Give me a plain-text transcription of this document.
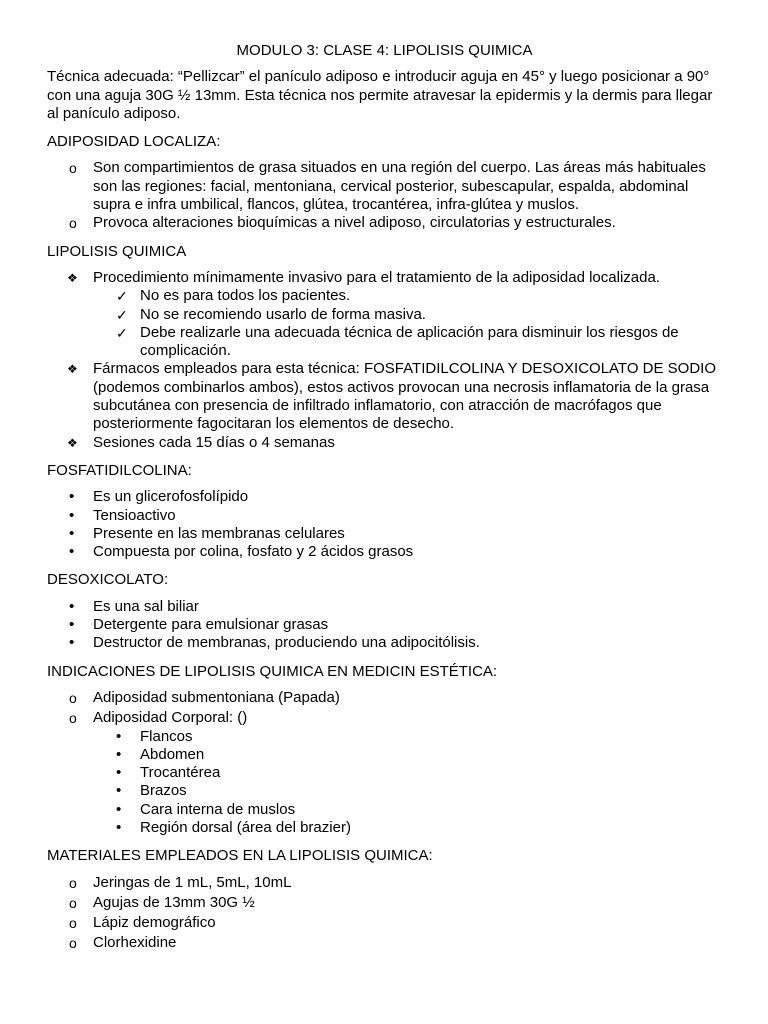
MODULO 3: CLASE 4: LIPOLISIS QUIMICA

Técnica adecuada: “Pellizcar” el panículo adiposo e introducir aguja en 45° y luego posicionar a 90° con una aguja 30G ½ 13mm. Esta técnica nos permite atravesar la epidermis y la dermis para llegar al panículo adiposo.

ADIPOSIDAD LOCALIZA:

o	Son compartimientos de grasa situados en una región del cuerpo. Las áreas más habituales son las regiones: facial, mentoniana, cervical posterior, subescapular, espalda, abdominal supra e infra umbilical, flancos, glútea, trocantérea, infra-glútea y muslos.
o	Provoca alteraciones bioquímicas a nivel adiposo, circulatorias y estructurales.

LIPOLISIS QUIMICA

❖	Procedimiento mínimamente invasivo para el tratamiento de la adiposidad localizada.
✓ No es para todos los pacientes.
✓ No se recomiendo usarlo de forma masiva.
✓ Debe realizarle una adecuada técnica de aplicación para disminuir los riesgos de complicación.
❖	Fármacos empleados para esta técnica: FOSFATIDILCOLINA Y DESOXICOLATO DE SODIO (podemos combinarlos ambos), estos activos provocan una necrosis inflamatoria de la grasa subcutánea con presencia de infiltrado inflamatorio, con atracción de macrófagos que posteriormente fagocitaran los elementos de desecho.
❖	Sesiones cada 15 días o 4 semanas

FOSFATIDILCOLINA:

•	Es un glicerofosfolípido
•	Tensioactivo
•	Presente en las membranas celulares
•	Compuesta por colina, fosfato y 2 ácidos grasos

DESOXICOLATO:

•	Es una sal biliar
•	Detergente para emulsionar grasas
•	Destructor de membranas, produciendo una adipocitólisis.

INDICACIONES DE LIPOLISIS QUIMICA EN MEDICIN ESTÉTICA:

o	Adiposidad submentoniana (Papada)
o	Adiposidad Corporal: ()
•	Flancos
•	Abdomen
•	Trocantérea
•	Brazos
•	Cara interna de muslos
•	Región dorsal (área del brazier)

MATERIALES EMPLEADOS EN LA LIPOLISIS QUIMICA:

o	Jeringas de 1 mL, 5mL, 10mL
o	Agujas de 13mm 30G ½
o	Lápiz demográfico
o	Clorhexidine
